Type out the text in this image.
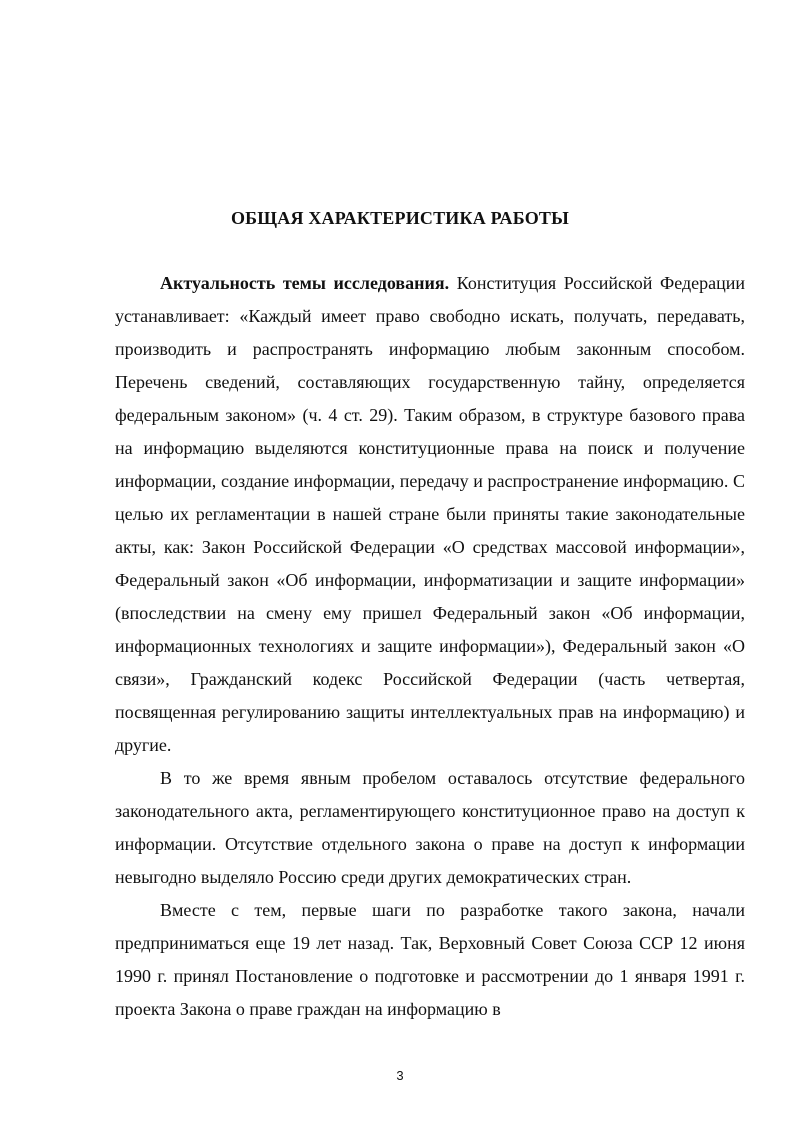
ОБЩАЯ ХАРАКТЕРИСТИКА РАБОТЫ

Актуальность темы исследования. Конституция Российской Федерации устанавливает: «Каждый имеет право свободно искать, получать, передавать, производить и распространять информацию любым законным способом. Перечень сведений, составляющих государственную тайну, определяется федеральным законом» (ч. 4 ст. 29). Таким образом, в структуре базового права на информацию выделяются конституционные права на поиск и получение информации, создание информации, передачу и распространение информацию. С целью их регламентации в нашей стране были приняты такие законодательные акты, как: Закон Российской Федерации «О средствах массовой информации», Федеральный закон «Об информации, информатизации и защите информации» (впоследствии на смену ему пришел Федеральный закон «Об информации, информационных технологиях и защите информации»), Федеральный закон «О связи», Гражданский кодекс Российской Федерации (часть четвертая, посвященная регулированию защиты интеллектуальных прав на информацию) и другие.

В то же время явным пробелом оставалось отсутствие федерального законодательного акта, регламентирующего конституционное право на доступ к информации. Отсутствие отдельного закона о праве на доступ к информации невыгодно выделяло Россию среди других демократических стран.

Вместе с тем, первые шаги по разработке такого закона, начали предприниматься еще 19 лет назад. Так, Верховный Совет Союза ССР 12 июня 1990 г. принял Постановление о подготовке и рассмотрении до 1 января 1991 г. проекта Закона о праве граждан на информацию в

3
